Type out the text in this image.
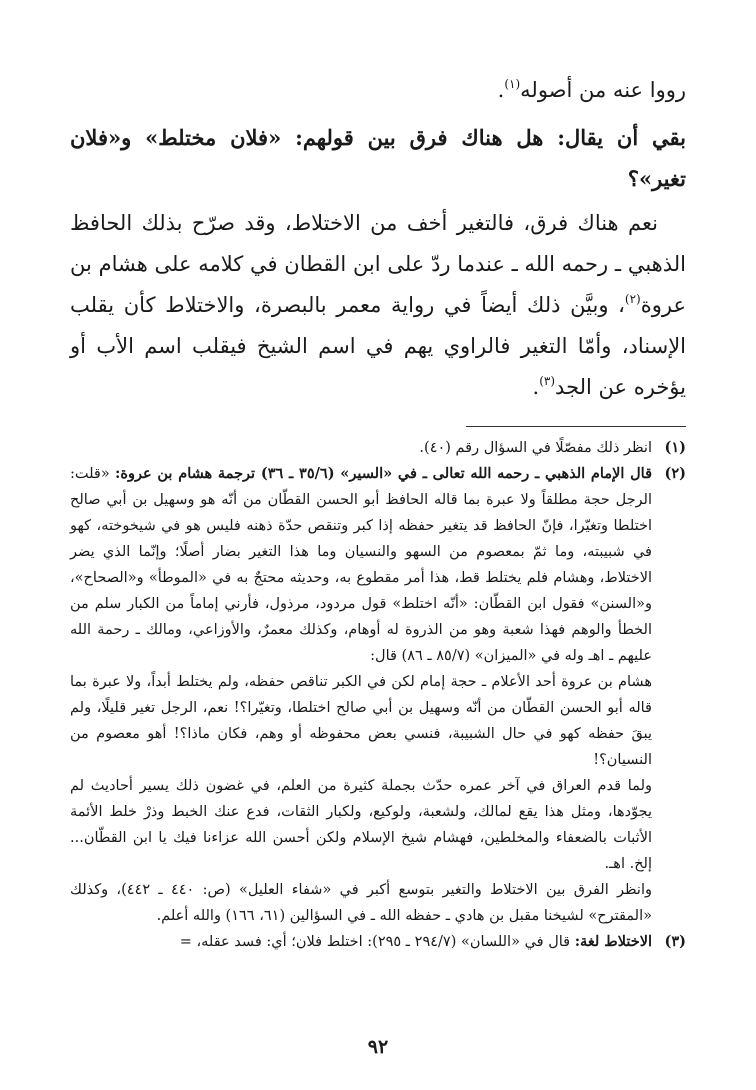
رووا عنه من أصوله$^{(١)}$.

بقي أن يقال: هل هناك فرق بين قولهم: «فلان مختلط» و«فلان تغير»؟

نعم هناك فرق، فالتغير أخف من الاختلاط، وقد صرّح بذلك الحافظ الذهبي ـ رحمه الله ـ عندما ردّ على ابن القطان في كلامه على هشام بن عروة$^{(٢)}$، وبيَّن ذلك أيضاً في رواية معمر بالبصرة، والاختلاط كأن يقلب الإسناد، وأمّا التغير فالراوي يهم في اسم الشيخ فيقلب اسم الأب أو يؤخره عن الجد$^{(٣)}$.

(١)

انظر ذلك مفصّلًا في السؤال رقم (٤٠).

(٢)

قال الإمام الذهبي ـ رحمه الله تعالى ـ في «السير» (٣٥/٦ ـ ٣٦) ترجمة هشام بن عروة: «قلت: الرجل حجة مطلقاً ولا عبرة بما قاله الحافظ أبو الحسن القطّان من أنّه هو وسهيل بن أبي صالح اختلطا وتغيّرا، فإنّ الحافظ قد يتغير حفظه إذا كبر وتنقص حدّة ذهنه فليس هو في شيخوخته، كهو في شبيبته، وما ثمّ بمعصوم من السهو والنسيان وما هذا التغير بضار أصلًا؛ وإنّما الذي يضر الاختلاط، وهشام فلم يختلط قط، هذا أمر مقطوع به، وحديثه محتجٌ به في «الموطأ» و«الصحاح»، و«السنن» فقول ابن القطّان: «أنّه اختلط» قول مردود، مرذول، فأرني إماماً من الكبار سلم من الخطأ والوهم فهذا شعبة وهو من الذروة له أوهام، وكذلك معمرٌ، والأوزاعي، ومالك ـ رحمة الله عليهم ـ اهـ وله في «الميزان» (٨٥/٧ ـ ٨٦) قال:

هشام بن عروة أحد الأعلام ـ حجة إمام لكن في الكبر تناقص حفظه، ولم يختلط أبداً، ولا عبرة بما قاله أبو الحسن القطّان من أنّه وسهيل بن أبي صالح اختلطا، وتغيّرا؟! نعم، الرجل تغير قليلًا، ولم يبقَ حفظه كهو في حال الشبيبة، فنسي بعض محفوظه أو وهم، فكان ماذا؟! أهو معصوم من النسيان؟!

ولما قدم العراق في آخر عمره حدّث بجملة كثيرة من العلم، في غضون ذلك يسير أحاديث لم يجوّدها، ومثل هذا يقع لمالك، ولشعبة، ولوكيع، ولكبار الثقات، فدع عنك الخبط وذرْ خلط الأئمة الأثبات بالضعفاء والمخلطين، فهشام شيخ الإسلام ولكن أحسن الله عزاءنا فيك يا ابن القطّان... إلخ. اهـ.

وانظر الفرق بين الاختلاط والتغير بتوسع أكبر في «شفاء العليل» (ص: ٤٤٠ ـ ٤٤٢)، وكذلك «المقترح» لشيخنا مقبل بن هادي ـ حفظه الله ـ في السؤالين (٦١، ١٦٦) والله أعلم.

(٣)

الاختلاط لغة: قال في «اللسان» (٢٩٤/٧ ـ ٢٩٥): اختلط فلان؛ أي: فسد عقله، =

٩٢
